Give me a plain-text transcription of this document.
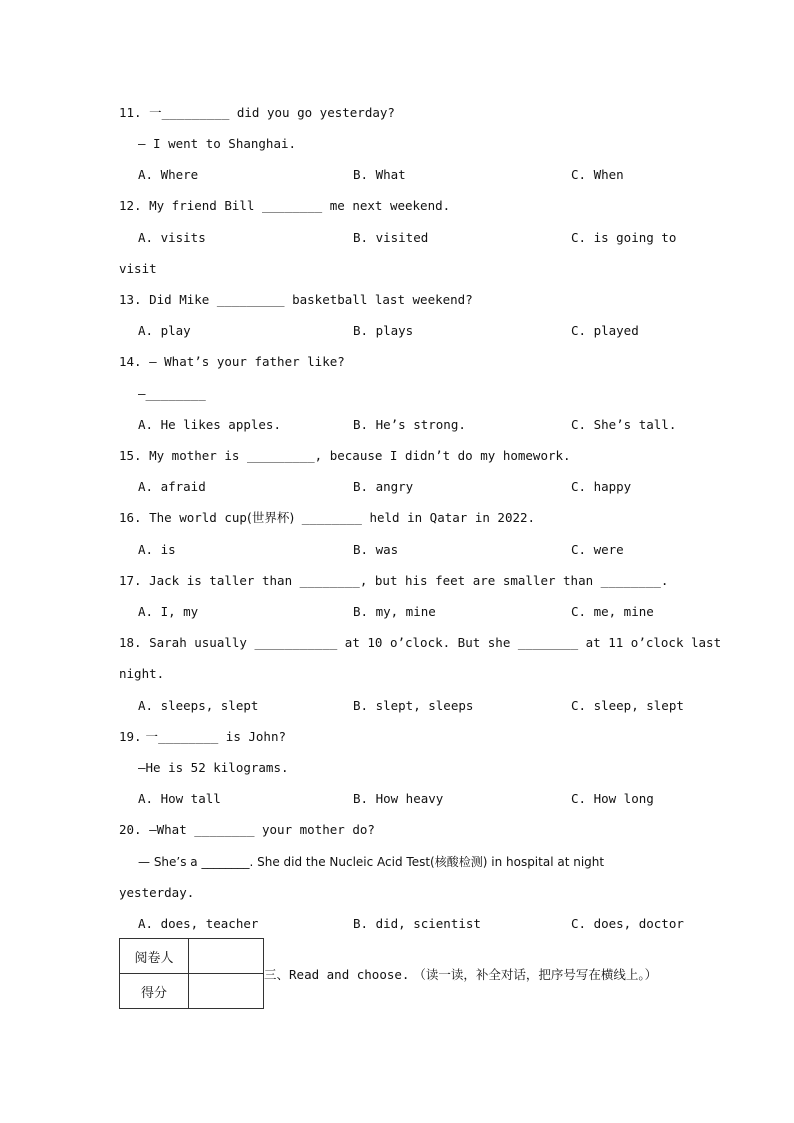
11. 一_________ did you go yesterday?
— I went to Shanghai.
A. Where	B. What	C. When
12. My friend Bill ________ me next weekend.
A. visits	B. visited	C. is going to
visit
13. Did Mike _________ basketball last weekend?
A. play	B. plays	C. played
14. — What’s your father like?
—________
A. He likes apples.	B. He’s strong.	C. She’s tall.
15. My mother is _________, because I didn’t do my homework.
A. afraid	B. angry	C. happy
16. The world cup(世界杯) ________ held in Qatar in 2022.
A. is	B. was	C. were
17. Jack is taller than ________, but his feet are smaller than ________.
A. I, my	B. my, mine	C. me, mine
18. Sarah usually ___________ at 10 o’clock. But she ________ at 11 o’clock last
night.
A. sleeps, slept	B. slept, sleeps	C. sleep, slept
19. 一________ is John?
—He is 52 kilograms.
A. How tall	B. How heavy	C. How long
20. —What ________ your mother do?
— She’s a ________. She did the Nucleic Acid Test(核酸检测) in hospital at night
yesterday.
A. does, teacher	B. did, scientist	C. does, doctor
阅卷人	
得分	
三、Read and choose. （读一读，补全对话，把序号写在横线上。）
